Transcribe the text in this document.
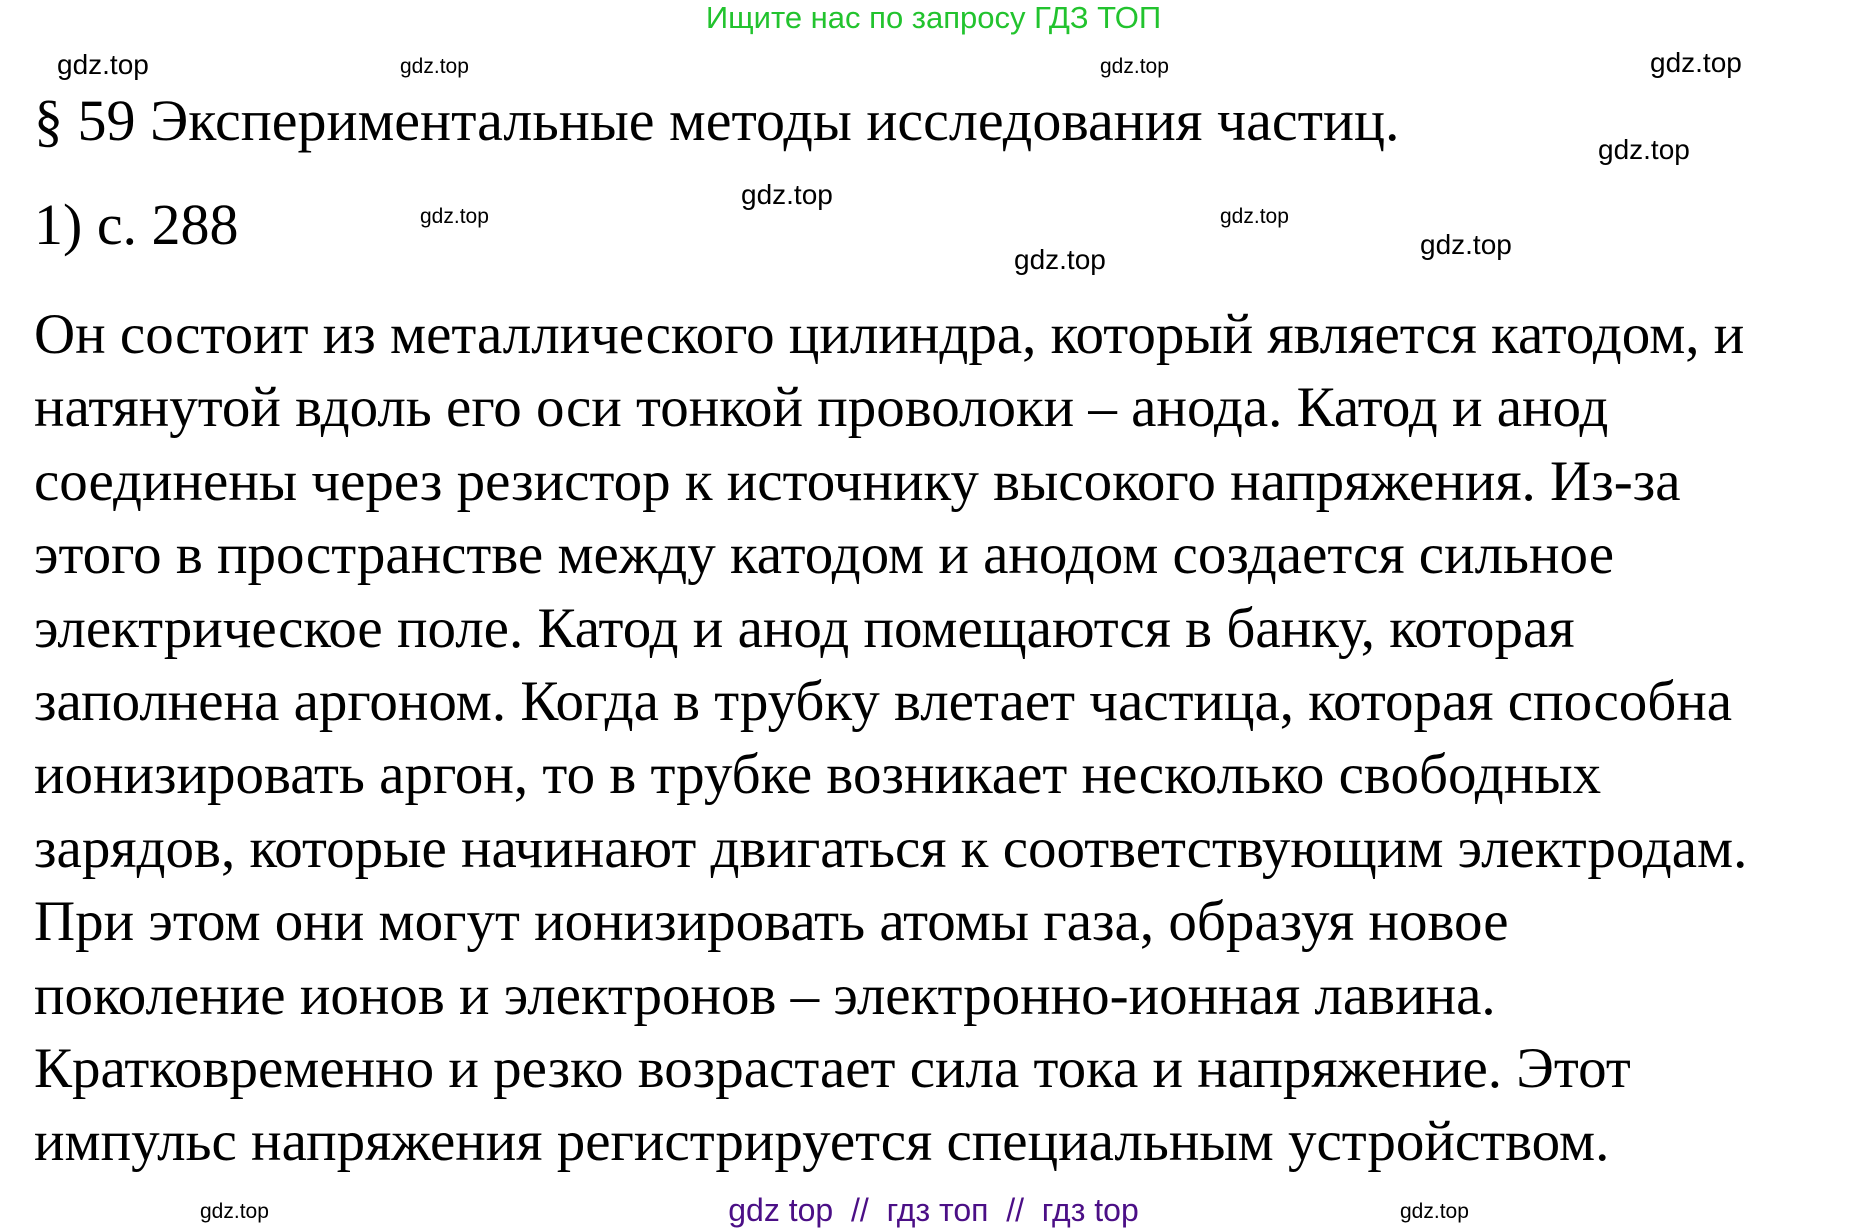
Ищите нас по запросу ГДЗ ТОП
§ 59 Экспериментальные методы исследования частиц.
1) с. 288
Он состоит из металлического цилиндра, который является катодом, и
натянутой вдоль его оси тонкой проволоки – анода. Катод и анод
соединены через резистор к источнику высокого напряжения. Из-за
этого в пространстве между катодом и анодом создается сильное
электрическое поле. Катод и анод помещаются в банку, которая
заполнена аргоном. Когда в трубку влетает частица, которая способна
ионизировать аргон, то в трубке возникает несколько свободных
зарядов, которые начинают двигаться к соответствующим электродам.
При этом они могут ионизировать атомы газа, образуя новое
поколение ионов и электронов – электронно-ионная лавина.
Кратковременно и резко возрастает сила тока и напряжение. Этот
импульс напряжения регистрируется специальным устройством.
gdz.top
gdz.top
gdz.top
gdz.top
gdz.top	gdz.top
gdz.top
gdz.top	gdz.top
gdz.top
gdz.top
gdz.top	gdz top  //  гдз топ  //  гдз top
